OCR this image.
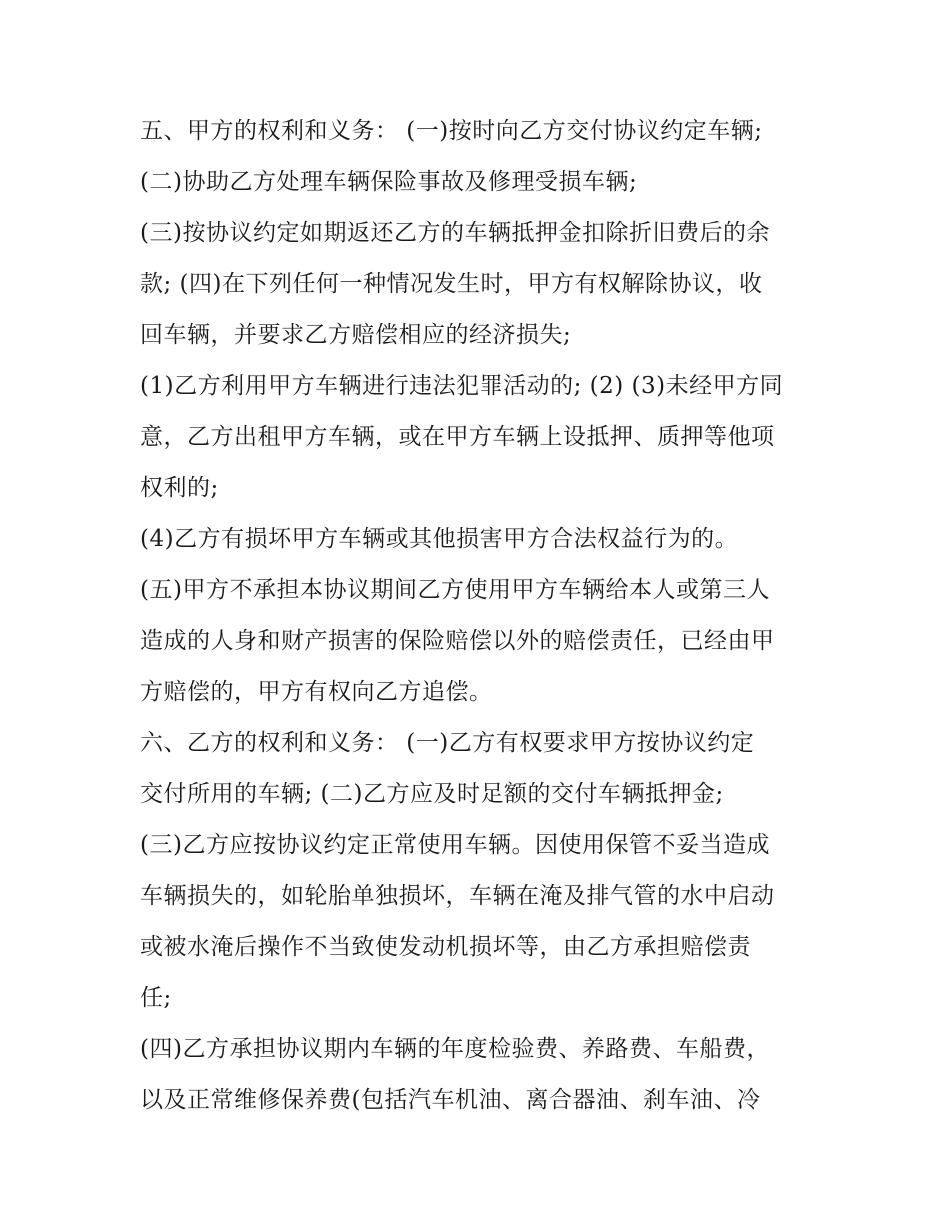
五、甲方的权利和义务： (一)按时向乙方交付协议约定车辆;
(二)协助乙方处理车辆保险事故及修理受损车辆;
(三)按协议约定如期返还乙方的车辆抵押金扣除折旧费后的余
款; (四)在下列任何一种情况发生时，甲方有权解除协议，收
回车辆，并要求乙方赔偿相应的经济损失;
(1)乙方利用甲方车辆进行违法犯罪活动的; (2) (3)未经甲方同
意，乙方出租甲方车辆，或在甲方车辆上设抵押、质押等他项
权利的;
(4)乙方有损坏甲方车辆或其他损害甲方合法权益行为的。
(五)甲方不承担本协议期间乙方使用甲方车辆给本人或第三人
造成的人身和财产损害的保险赔偿以外的赔偿责任，已经由甲
方赔偿的，甲方有权向乙方追偿。
六、乙方的权利和义务： (一)乙方有权要求甲方按协议约定
交付所用的车辆; (二)乙方应及时足额的交付车辆抵押金;
(三)乙方应按协议约定正常使用车辆。因使用保管不妥当造成
车辆损失的，如轮胎单独损坏，车辆在淹及排气管的水中启动
或被水淹后操作不当致使发动机损坏等，由乙方承担赔偿责
任;
(四)乙方承担协议期内车辆的年度检验费、养路费、车船费，
以及正常维修保养费(包括汽车机油、离合器油、刹车油、冷
